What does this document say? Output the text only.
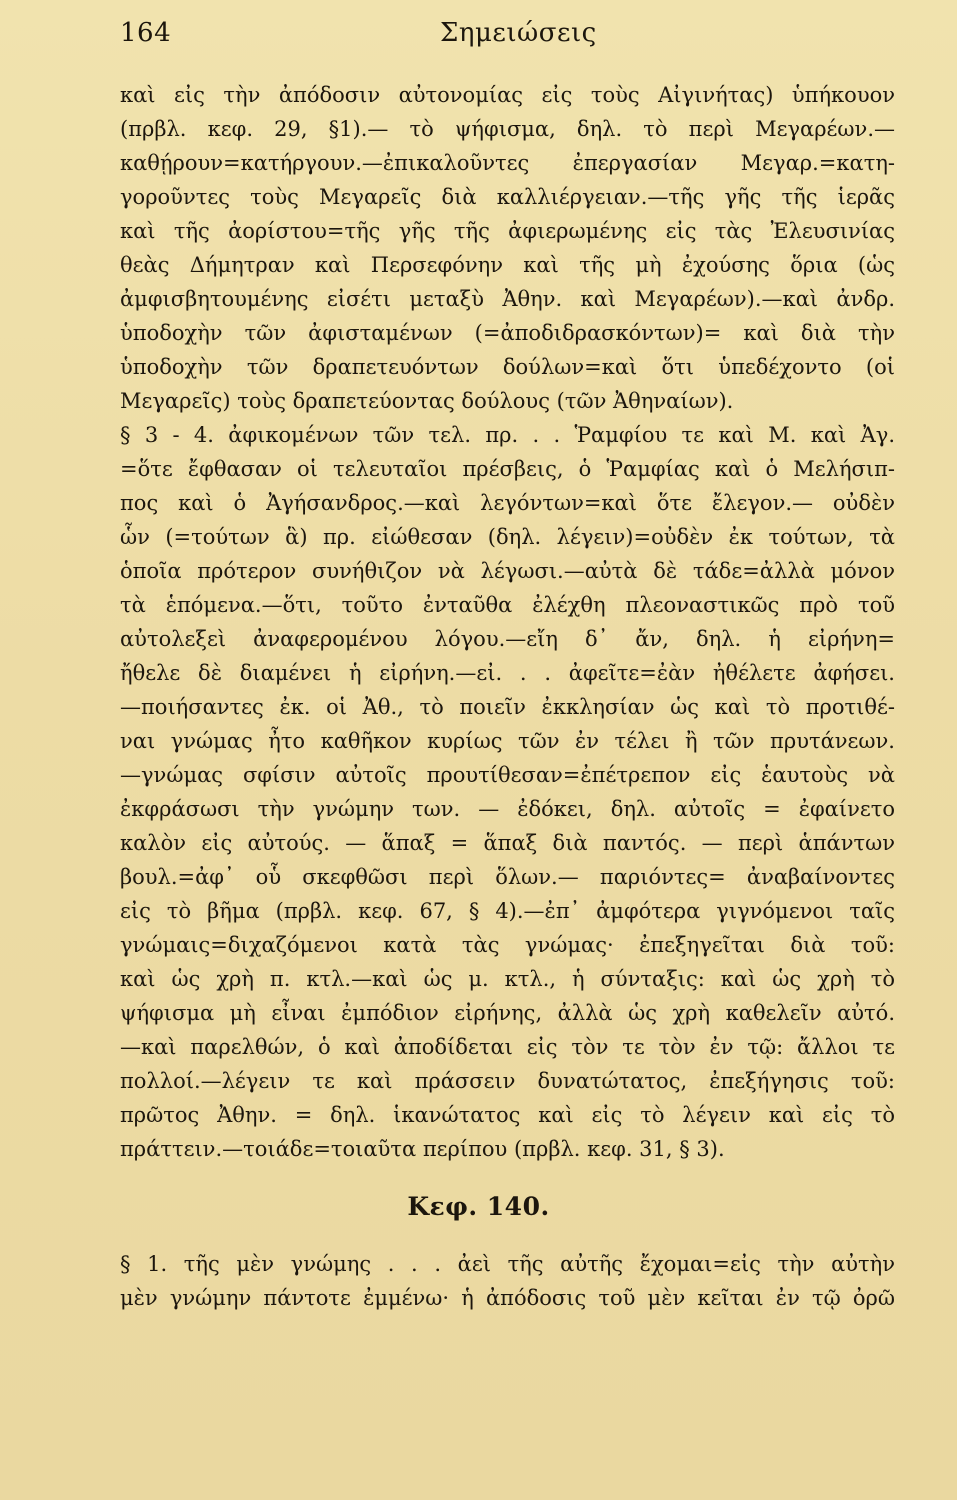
164	Σημειώσεις
καὶ εἰς τὴν ἀπόδοσιν αὐτονομίας εἰς τοὺς Αἰγινήτας) ὑπήκουον
(πρβλ. κεφ. 29, §1).— τὸ ψήφισμα, δηλ. τὸ περὶ Μεγαρέων.—
καθῄρουν=κατήργουν.—ἐπικαλοῦντες ἐπεργασίαν Μεγαρ.=κατη-
γοροῦντες τοὺς Μεγαρεῖς διὰ καλλιέργειαν.—τῆς γῆς τῆς ἱερᾶς
καὶ τῆς ἀορίστου=τῆς γῆς τῆς ἀφιερωμένης εἰς τὰς Ἐλευσινίας
θεὰς Δήμητραν καὶ Περσεφόνην καὶ τῆς μὴ ἐχούσης ὅρια (ὡς
ἀμφισβητουμένης εἰσέτι μεταξὺ Ἀθην. καὶ Μεγαρέων).—καὶ ἀνδρ.
ὑποδοχὴν τῶν ἀφισταμένων (=ἀποδιδρασκόντων)= καὶ διὰ τὴν
ὑποδοχὴν τῶν δραπετευόντων δούλων=καὶ ὅτι ὑπεδέχοντο (οἱ
Μεγαρεῖς) τοὺς δραπετεύοντας δούλους (τῶν Ἀθηναίων).
§ 3 - 4. ἀφικομένων τῶν τελ. πρ. . . Ῥαμφίου τε καὶ Μ. καὶ Ἀγ.
=ὅτε ἔφθασαν οἱ τελευταῖοι πρέσβεις, ὁ Ῥαμφίας καὶ ὁ Μελήσιπ-
πος καὶ ὁ Ἀγήσανδρος.—καὶ λεγόντων=καὶ ὅτε ἔλεγον.— οὐδὲν
ὧν (=τούτων ἃ) πρ. εἰώθεσαν (δηλ. λέγειν)=οὐδὲν ἐκ τούτων, τὰ
ὁποῖα πρότερον συνήθιζον νὰ λέγωσι.—αὐτὰ δὲ τάδε=ἀλλὰ μόνον
τὰ ἑπόμενα.—ὅτι, τοῦτο ἐνταῦθα ἐλέχθη πλεοναστικῶς πρὸ τοῦ
αὐτολεξεὶ ἀναφερομένου λόγου.—εἴη δ᾽ ἄν, δηλ. ἡ εἰρήνη=
ἤθελε δὲ διαμένει ἡ εἰρήνη.—εἰ. . . ἀφεῖτε=ἐὰν ἠθέλετε ἀφήσει.
—ποιήσαντες ἐκ. οἱ Ἀθ., τὸ ποιεῖν ἐκκλησίαν ὡς καὶ τὸ προτιθέ-
ναι γνώμας ἦτο καθῆκον κυρίως τῶν ἐν τέλει ἢ τῶν πρυτάνεων.
—γνώμας σφίσιν αὐτοῖς προυτίθεσαν=ἐπέτρεπον εἰς ἑαυτοὺς νὰ
ἐκφράσωσι τὴν γνώμην των. — ἐδόκει, δηλ. αὐτοῖς = ἐφαίνετο
καλὸν εἰς αὐτούς. — ἅπαξ = ἅπαξ διὰ παντός. — περὶ ἁπάντων
βουλ.=ἀφ᾽ οὗ σκεφθῶσι περὶ ὅλων.— παριόντες= ἀναβαίνοντες
εἰς τὸ βῆμα (πρβλ. κεφ. 67, § 4).—ἐπ᾽ ἀμφότερα γιγνόμενοι ταῖς
γνώμαις=διχαζόμενοι κατὰ τὰς γνώμας· ἐπεξηγεῖται διὰ τοῦ:
καὶ ὡς χρὴ π. κτλ.—καὶ ὡς μ. κτλ., ἡ σύνταξις: καὶ ὡς χρὴ τὸ
ψήφισμα μὴ εἶναι ἐμπόδιον εἰρήνης, ἀλλὰ ὡς χρὴ καθελεῖν αὐτό.
—καὶ παρελθών, ὁ καὶ ἀποδίδεται εἰς τὸν τε τὸν ἐν τῷ: ἄλλοι τε
πολλοί.—λέγειν τε καὶ πράσσειν δυνατώτατος, ἐπεξήγησις τοῦ:
πρῶτος Ἀθην. = δηλ. ἱκανώτατος καὶ εἰς τὸ λέγειν καὶ εἰς τὸ
πράττειν.—τοιάδε=τοιαῦτα περίπου (πρβλ. κεφ. 31, § 3).
Κεφ. 140.
§ 1. τῆς μὲν γνώμης . . . ἀεὶ τῆς αὐτῆς ἔχομαι=εἰς τὴν αὐτὴν
μὲν γνώμην πάντοτε ἐμμένω· ἡ ἀπόδοσις τοῦ μὲν κεῖται ἐν τῷ ὀρῶ
